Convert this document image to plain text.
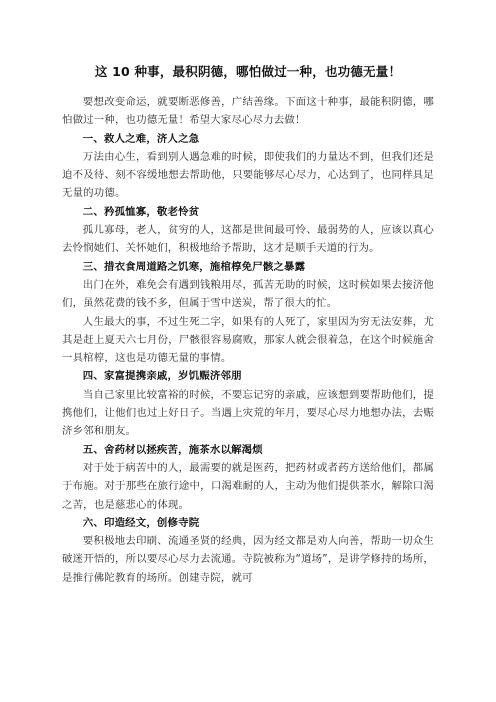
这 10 种事，最积阴德，哪怕做过一种，也功德无量！

要想改变命运，就要断恶修善，广结善缘。下面这十种事，最能积阴德，哪怕做过一种，也功德无量！希望大家尽心尽力去做！

一、救人之难，济人之急

万法由心生，看到别人遇急难的时候，即使我们的力量达不到，但我们还是迫不及待、刻不容缓地想去帮助他，只要能够尽心尽力，心达到了，也同样具足无量的功德。

二、矜孤恤寡，敬老怜贫

孤儿寡母，老人，贫穷的人，这都是世间最可怜、最弱势的人，应该以真心去怜悯她们、关怀她们，积极地给予帮助，这才是顺手天道的行为。

三、措衣食周道路之饥寒，施棺椁免尸骸之暴露

出门在外，难免会有遇到钱粮用尽，孤苦无助的时候，这时候如果去接济他们，虽然花费的钱不多，但属于雪中送炭，帮了很大的忙。

人生最大的事，不过生死二字，如果有的人死了，家里因为穷无法安葬，尤其是赶上夏天六七月份，尸骸很容易腐败，那家人就会很着急，在这个时候施舍一具棺椁，这也是功德无量的事情。

四、家富提携亲戚，岁饥赈济邻朋

当自己家里比较富裕的时候，不要忘记穷的亲戚，应该想到要帮助他们，提携他们，让他们也过上好日子。当遇上灾荒的年月，要尽心尽力地想办法，去赈济乡邻和朋友。

五、舍药材以拯疾苦，施茶水以解渴烦

对于处于病苦中的人，最需要的就是医药，把药材或者药方送给他们，都属于布施。对于那些在旅行途中，口渴难耐的人，主动为他们提供茶水，解除口渴之苦，也是慈悲心的体现。

六、印造经文，创修寺院

要积极地去印刷、流通圣贤的经典，因为经文都是劝人向善，帮助一切众生破迷开悟的，所以要尽心尽力去流通。寺院被称为“道场”，是讲学修持的场所，是推行佛陀教育的场所。创建寺院，就可
